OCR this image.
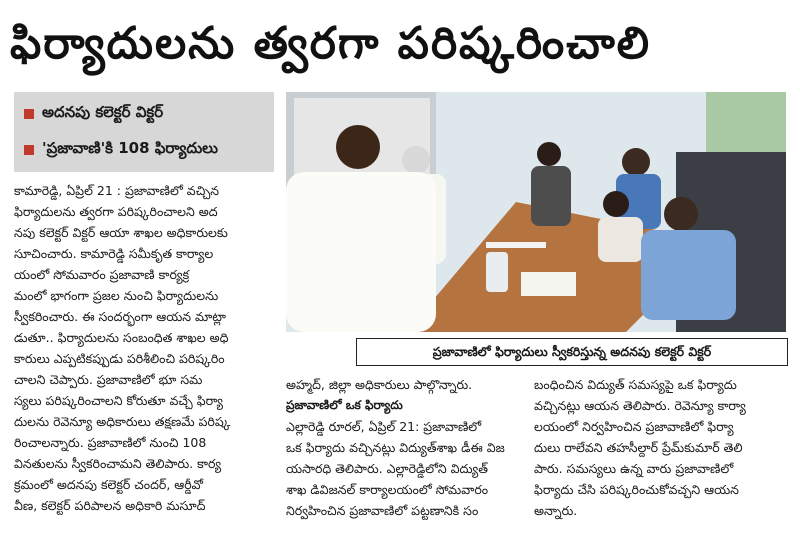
ఫిర్యాదులను త్వరగా పరిష్కరించాలి
అదనపు కలెక్టర్ విక్టర్
'ప్రజావాణి'కి 108 ఫిర్యాదులు
ప్రజావాణిలో ఫిర్యాదులు స్వీకరిస్తున్న అదనపు కలెక్టర్ విక్టర్

కామారెడ్డి, ఏప్రిల్ 21 : ప్రజావాణిలో వచ్చిన

ఫిర్యాదులను త్వరగా పరిష్కరించాలని అద

నపు కలెక్టర్ విక్టర్ ఆయా శాఖల అధికారులకు

సూచించారు. కామారెడ్డి సమీకృత కార్యాల

యంలో సోమవారం ప్రజావాణి కార్యక్ర

మంలో భాగంగా ప్రజల నుంచి ఫిర్యాదులను

స్వీకరించారు. ఈ సందర్భంగా ఆయన మాట్లా

డుతూ.. ఫిర్యాదులను సంబంధిత శాఖల అధి

కారులు ఎప్పటికప్పుడు పరిశీలించి పరిష్కరిం

చాలని చెప్పారు. ప్రజావాణిలో భూ సమ

స్యలు పరిష్కరించాలని కోరుతూ వచ్చే ఫిర్యా

దులను రెవెన్యూ అధికారులు తక్షణమే పరిష్క

రించాలన్నారు. ప్రజావాణిలో నుంచి 108

వినతులను స్వీకరించామని తెలిపారు. కార్య

క్రమంలో అదనపు కలెక్టర్ చందర్, ఆర్డీవో

వీణ, కలెక్టర్ పరిపాలన అధికారి మసూద్

అహ్మద్, జిల్లా అధికారులు పాల్గొన్నారు.

ప్రజావాణిలో ఒక ఫిర్యాదు

ఎల్లారెడ్డి రూరల్, ఏప్రిల్ 21: ప్రజావాణిలో

ఒక ఫిర్యాదు వచ్చినట్లు విద్యుత్‌శాఖ డీఈ విజ

యసారధి తెలిపారు. ఎల్లారెడ్డిలోని విద్యుత్

శాఖ డివిజనల్ కార్యాలయంలో సోమవారం

నిర్వహించిన ప్రజావాణిలో పట్టణానికి సం

బంధించిన విద్యుత్ సమస్యపై ఒక ఫిర్యాదు

వచ్చినట్లు ఆయన తెలిపారు. రెవెన్యూ కార్యా

లయంలో నిర్వహించిన ప్రజావాణిలో ఫిర్యా

దులు రాలేవని తహసీల్దార్ ప్రేమ్‌కుమార్ తెలి

పారు. సమస్యలు ఉన్న వారు ప్రజావాణిలో

ఫిర్యాదు చేసి పరిష్కరించుకోవచ్చని ఆయన

అన్నారు.
